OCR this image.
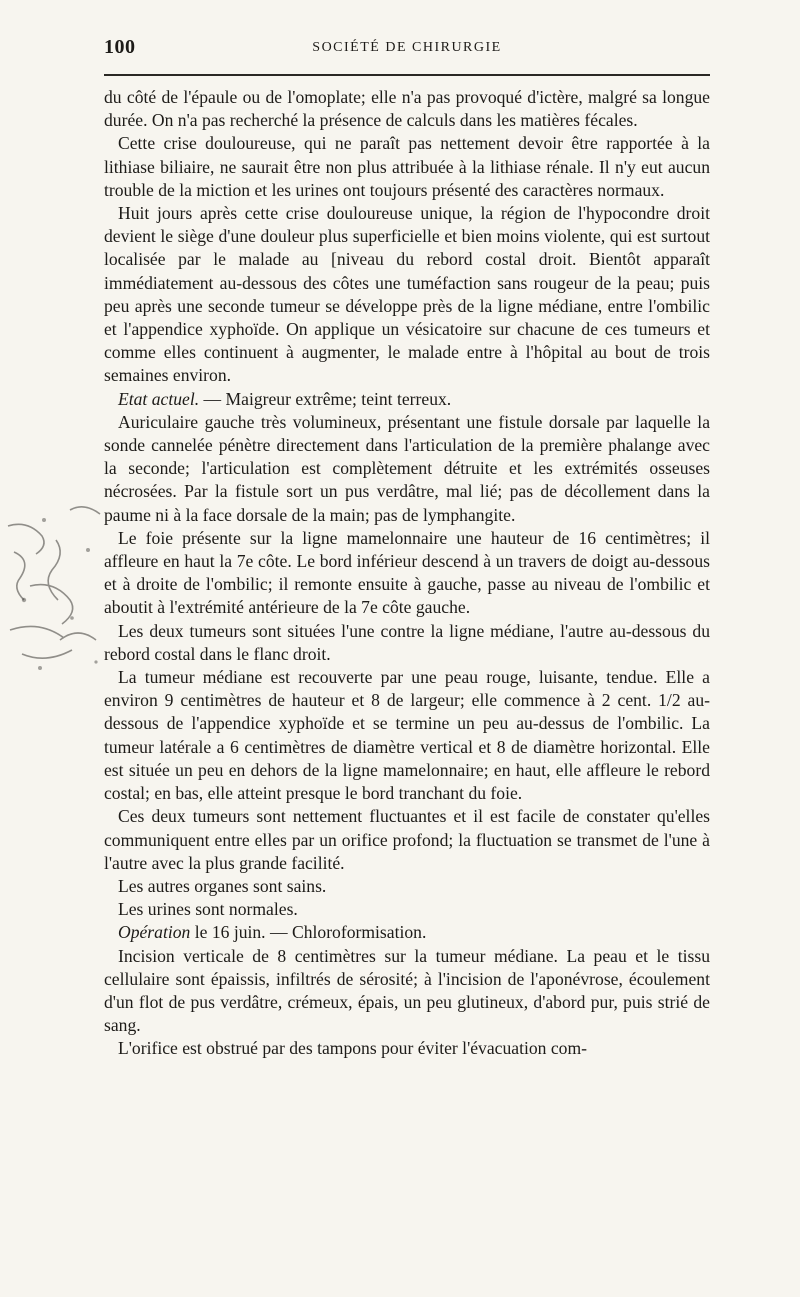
100	SOCIÉTÉ DE CHIRURGIE

du côté de l'épaule ou de l'omoplate; elle n'a pas provoqué d'ictère, malgré sa longue durée. On n'a pas recherché la présence de calculs dans les matières fécales.

Cette crise douloureuse, qui ne paraît pas nettement devoir être rapportée à la lithiase biliaire, ne saurait être non plus attribuée à la lithiase rénale. Il n'y eut aucun trouble de la miction et les urines ont toujours présenté des caractères normaux.

Huit jours après cette crise douloureuse unique, la région de l'hypocondre droit devient le siège d'une douleur plus superficielle et bien moins violente, qui est surtout localisée par le malade au [niveau du rebord costal droit. Bientôt apparaît immédiatement au-dessous des côtes une tuméfaction sans rougeur de la peau; puis peu après une seconde tumeur se développe près de la ligne médiane, entre l'ombilic et l'appendice xyphoïde. On applique un vésicatoire sur chacune de ces tumeurs et comme elles continuent à augmenter, le malade entre à l'hôpital au bout de trois semaines environ.

Etat actuel. — Maigreur extrême; teint terreux.

Auriculaire gauche très volumineux, présentant une fistule dorsale par laquelle la sonde cannelée pénètre directement dans l'articulation de la première phalange avec la seconde; l'articulation est complètement détruite et les extrémités osseuses nécrosées. Par la fistule sort un pus verdâtre, mal lié; pas de décollement dans la paume ni à la face dorsale de la main; pas de lymphangite.

Le foie présente sur la ligne mamelonnaire une hauteur de 16 centimètres; il affleure en haut la 7e côte. Le bord inférieur descend à un travers de doigt au-dessous et à droite de l'ombilic; il remonte ensuite à gauche, passe au niveau de l'ombilic et aboutit à l'extrémité antérieure de la 7e côte gauche.

Les deux tumeurs sont situées l'une contre la ligne médiane, l'autre au-dessous du rebord costal dans le flanc droit.

La tumeur médiane est recouverte par une peau rouge, luisante, tendue. Elle a environ 9 centimètres de hauteur et 8 de largeur; elle commence à 2 cent. 1/2 au-dessous de l'appendice xyphoïde et se termine un peu au-dessus de l'ombilic. La tumeur latérale a 6 centimètres de diamètre vertical et 8 de diamètre horizontal. Elle est située un peu en dehors de la ligne mamelonnaire; en haut, elle affleure le rebord costal; en bas, elle atteint presque le bord tranchant du foie.

Ces deux tumeurs sont nettement fluctuantes et il est facile de constater qu'elles communiquent entre elles par un orifice profond; la fluctuation se transmet de l'une à l'autre avec la plus grande facilité.

Les autres organes sont sains.

Les urines sont normales.

Opération le 16 juin. — Chloroformisation.

Incision verticale de 8 centimètres sur la tumeur médiane. La peau et le tissu cellulaire sont épaissis, infiltrés de sérosité; à l'incision de l'aponévrose, écoulement d'un flot de pus verdâtre, crémeux, épais, un peu glutineux, d'abord pur, puis strié de sang.

L'orifice est obstrué par des tampons pour éviter l'évacuation com-
